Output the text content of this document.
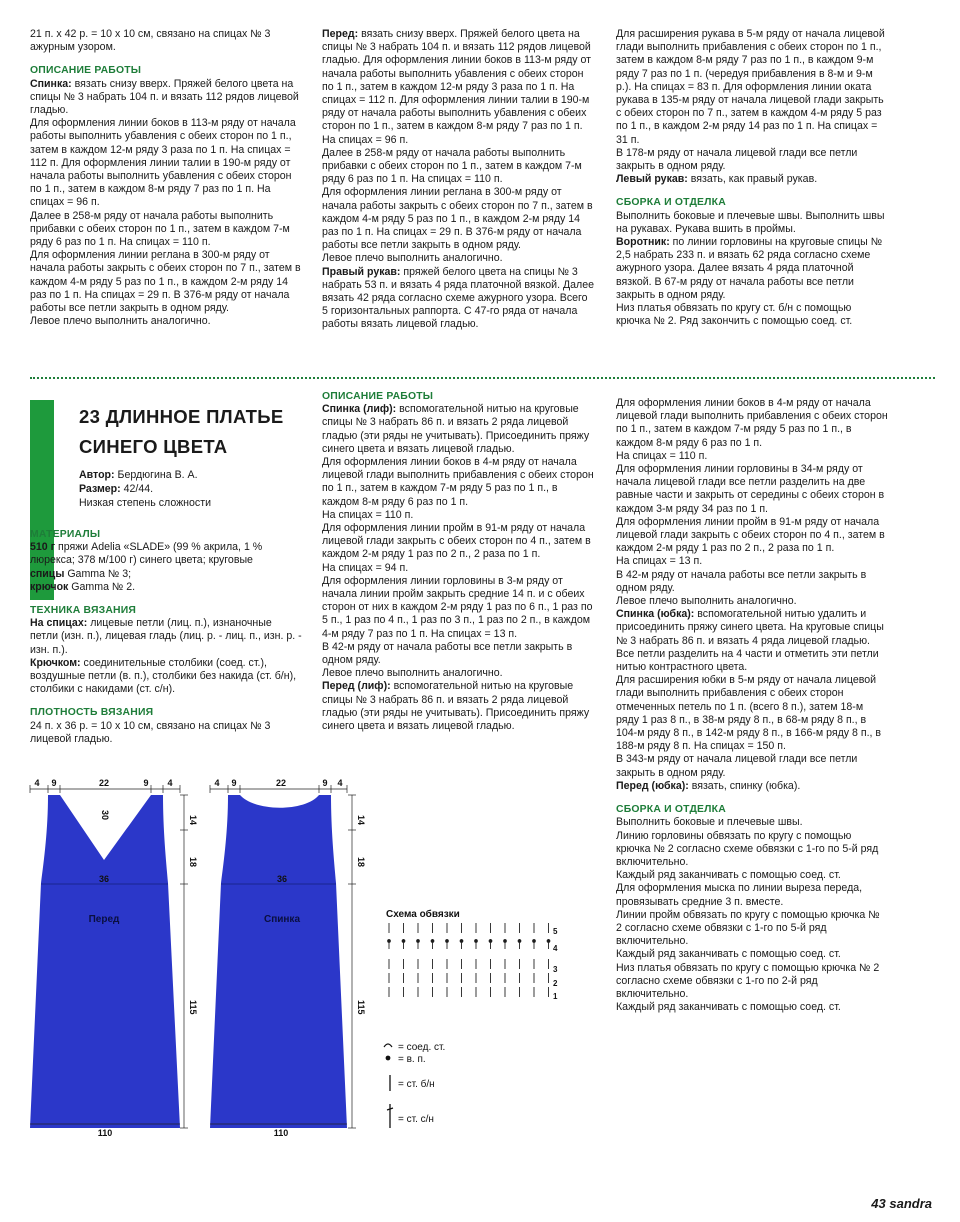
21 п. х 42 р. = 10 х 10 см, связано на спицах № 3 ажурным узором.

ОПИСАНИЕ РАБОТЫ

Спинка: вязать снизу вверх. Пряжей белого цвета на спицы № 3 набрать 104 п. и вязать 112 рядов лицевой гладью.

Для оформления линии боков в 113-м ряду от начала работы выполнить убавления с обеих сторон по 1 п., затем в каждом 12-м ряду 3 раза по 1 п. На спицах = 112 п. Для оформления линии талии в 190-м ряду от начала работы выполнить убавления с обеих сторон по 1 п., затем в каждом 8-м ряду 7 раз по 1 п. На спицах = 96 п.

Далее в 258-м ряду от начала работы выполнить прибавки с обеих сторон по 1 п., затем в каждом 7-м ряду 6 раз по 1 п. На спицах = 110 п.

Для оформления линии реглана в 300-м ряду от начала работы закрыть с обеих сторон по 7 п., затем в каждом 4-м ряду 5 раз по 1 п., в каждом 2-м ряду 14 раз по 1 п. На спицах = 29 п. В 376-м ряду от начала работы все петли закрыть в одном ряду.

Левое плечо выполнить аналогично.

Перед: вязать снизу вверх. Пряжей белого цвета на спицы № 3 набрать 104 п. и вязать 112 рядов лицевой гладью. Для оформления линии боков в 113-м ряду от начала работы выполнить убавления с обеих сторон по 1 п., затем в каждом 12-м ряду 3 раза по 1 п. На спицах = 112 п. Для оформления линии талии в 190-м ряду от начала работы выполнить убавления с обеих сторон по 1 п., затем в каждом 8-м ряду 7 раз по 1 п. На спицах = 96 п.

Далее в 258-м ряду от начала работы выполнить прибавки с обеих сторон по 1 п., затем в каждом 7-м ряду 6 раз по 1 п. На спицах = 110 п.

Для оформления линии реглана в 300-м ряду от начала работы закрыть с обеих сторон по 7 п., затем в каждом 4-м ряду 5 раз по 1 п., в каждом 2-м ряду 14 раз по 1 п. На спицах = 29 п. В 376-м ряду от начала работы все петли закрыть в одном ряду.

Левое плечо выполнить аналогично.

Правый рукав: пряжей белого цвета на спицы № 3 набрать 53 п. и вязать 4 ряда платочной вязкой. Далее вязать 42 ряда согласно схеме ажурного узора. Всего 5 горизонтальных раппорта. С 47-го ряда от начала работы вязать лицевой гладью.

Для расширения рукава в 5-м ряду от начала лицевой глади выполнить прибавления с обеих сторон по 1 п., затем в каждом 8-м ряду 7 раз по 1 п., в каждом 9-м ряду 7 раз по 1 п. (чередуя прибавления в 8-м и 9-м р.). На спицах = 83 п. Для оформления линии оката рукава в 135-м ряду от начала лицевой глади закрыть с обеих сторон по 7 п., затем в каждом 4-м ряду 5 раз по 1 п., в каждом 2-м ряду 14 раз по 1 п. На спицах = 31 п.

В 178-м ряду от начала лицевой глади все петли закрыть в одном ряду.

Левый рукав: вязать, как правый рукав.

СБОРКА И ОТДЕЛКА

Выполнить боковые и плечевые швы. Выполнить швы на рукавах. Рукава вшить в проймы.

Воротник: по линии горловины на круговые спицы № 2,5 набрать 233 п. и вязать 62 ряда согласно схеме ажурного узора. Далее вязать 4 ряда платочной вязкой. В 67-м ряду от начала работы все петли закрыть в одном ряду.

Низ платья обвязать по кругу ст. б/н с помощью крючка № 2. Ряд закончить с помощью соед. ст.

23 ДЛИННОЕ ПЛАТЬЕ
СИНЕГО ЦВЕТА

Автор: Бердюгина В. А.

Размер: 42/44.

Низкая степень сложности

МАТЕРИАЛЫ

510 г пряжи Adelia «SLADE» (99 % акрила, 1 % люрекса; 378 м/100 г) синего цвета; круговые

спицы Gamma № 3;

крючок Gamma № 2.

ТЕХНИКА ВЯЗАНИЯ

На спицах: лицевые петли (лиц. п.), изнаночные петли (изн. п.), лицевая гладь (лиц. р. - лиц. п., изн. р. - изн. п.).

Крючком: соединительные столбики (соед. ст.), воздушные петли (в. п.), столбики без накида (ст. б/н), столбики с накидами (ст. с/н).

ПЛОТНОСТЬ ВЯЗАНИЯ

24 п. х 36 р. = 10 х 10 см, связано на спицах № 3 лицевой гладью.

ОПИСАНИЕ РАБОТЫ

Спинка (лиф): вспомогательной нитью на круговые спицы № 3 набрать 86 п. и вязать 2 ряда лицевой гладью (эти ряды не учитывать). Присоединить пряжу синего цвета и вязать лицевой гладью.

Для оформления линии боков в 4-м ряду от начала лицевой глади выполнить прибавления с обеих сторон по 1 п., затем в каждом 7-м ряду 5 раз по 1 п., в каждом 8-м ряду 6 раз по 1 п.

На спицах = 110 п.

Для оформления линии пройм в 91-м ряду от начала лицевой глади закрыть с обеих сторон по 4 п., затем в каждом 2-м ряду 1 раз по 2 п., 2 раза по 1 п.

На спицах = 94 п.

Для оформления линии горловины в 3-м ряду от начала линии пройм закрыть средние 14 п. и с обеих сторон от них в каждом 2-м ряду 1 раз по 6 п., 1 раз по 5 п., 1 раз по 4 п., 1 раз по 3 п., 1 раз по 2 п., в каждом 4-м ряду 7 раз по 1 п. На спицах = 13 п.

В 42-м ряду от начала работы все петли закрыть в одном ряду.

Левое плечо выполнить аналогично.

Перед (лиф): вспомогательной нитью на круговые спицы № 3 набрать 86 п. и вязать 2 ряда лицевой гладью (эти ряды не учитывать). Присоединить пряжу синего цвета и вязать лицевой гладью.

Для оформления линии боков в 4-м ряду от начала лицевой глади выполнить прибавления с обеих сторон по 1 п., затем в каждом 7-м ряду 5 раз по 1 п., в каждом 8-м ряду 6 раз по 1 п.

На спицах = 110 п.

Для оформления линии горловины в 34-м ряду от начала лицевой глади все петли разделить на две равные части и закрыть от середины с обеих сторон в каждом 3-м ряду 34 раз по 1 п.

Для оформления линии пройм в 91-м ряду от начала лицевой глади закрыть с обеих сторон по 4 п., затем в каждом 2-м ряду 1 раз по 2 п., 2 раза по 1 п.

На спицах = 13 п.

В 42-м ряду от начала работы все петли закрыть в одном ряду.

Левое плечо выполнить аналогично.

Спинка (юбка): вспомогательной нитью удалить и присоединить пряжу синего цвета. На круговые спицы № 3 набрать 86 п. и вязать 4 ряда лицевой гладью.

Все петли разделить на 4 части и отметить эти петли нитью контрастного цвета.

Для расширения юбки в 5-м ряду от начала лицевой глади выполнить прибавления с обеих сторон отмеченных петель по 1 п. (всего 8 п.), затем 18-м ряду 1 раз 8 п., в 38-м ряду 8 п., в 68-м ряду 8 п., в 104-м ряду 8 п., в 142-м ряду 8 п., в 166-м ряду 8 п., в 188-м ряду 8 п. На спицах = 150 п.

В 343-м ряду от начала лицевой глади все петли закрыть в одном ряду.

Перед (юбка): вязать, спинку (юбка).

СБОРКА И ОТДЕЛКА

Выполнить боковые и плечевые швы.

Линию горловины обвязать по кругу с помощью крючка № 2 согласно схеме обвязки с 1-го по 5-й ряд включительно.

Каждый ряд заканчивать с помощью соед. ст.

Для оформления мыска по линии выреза переда, провязывать средние 3 п. вместе.

Линии пройм обвязать по кругу с помощью крючка № 2 согласно схеме обвязки с 1-го по 5-й ряд включительно.

Каждый ряд заканчивать с помощью соед. ст.

Низ платья обвязать по кругу с помощью крючка № 2 согласно схеме обвязки с 1-го по 2-й ряд включительно.

Каждый ряд заканчивать с помощью соед. ст.

Перед	Спинка
4 9	22	9 4
30	14
18
115
36
110
4 9	22	9 4
14
18
115
36
110
Схема обвязки
5
4
3
2
1
= соед. ст.
= в. п.
= ст. б/н
= ст. с/н
43 sandra
